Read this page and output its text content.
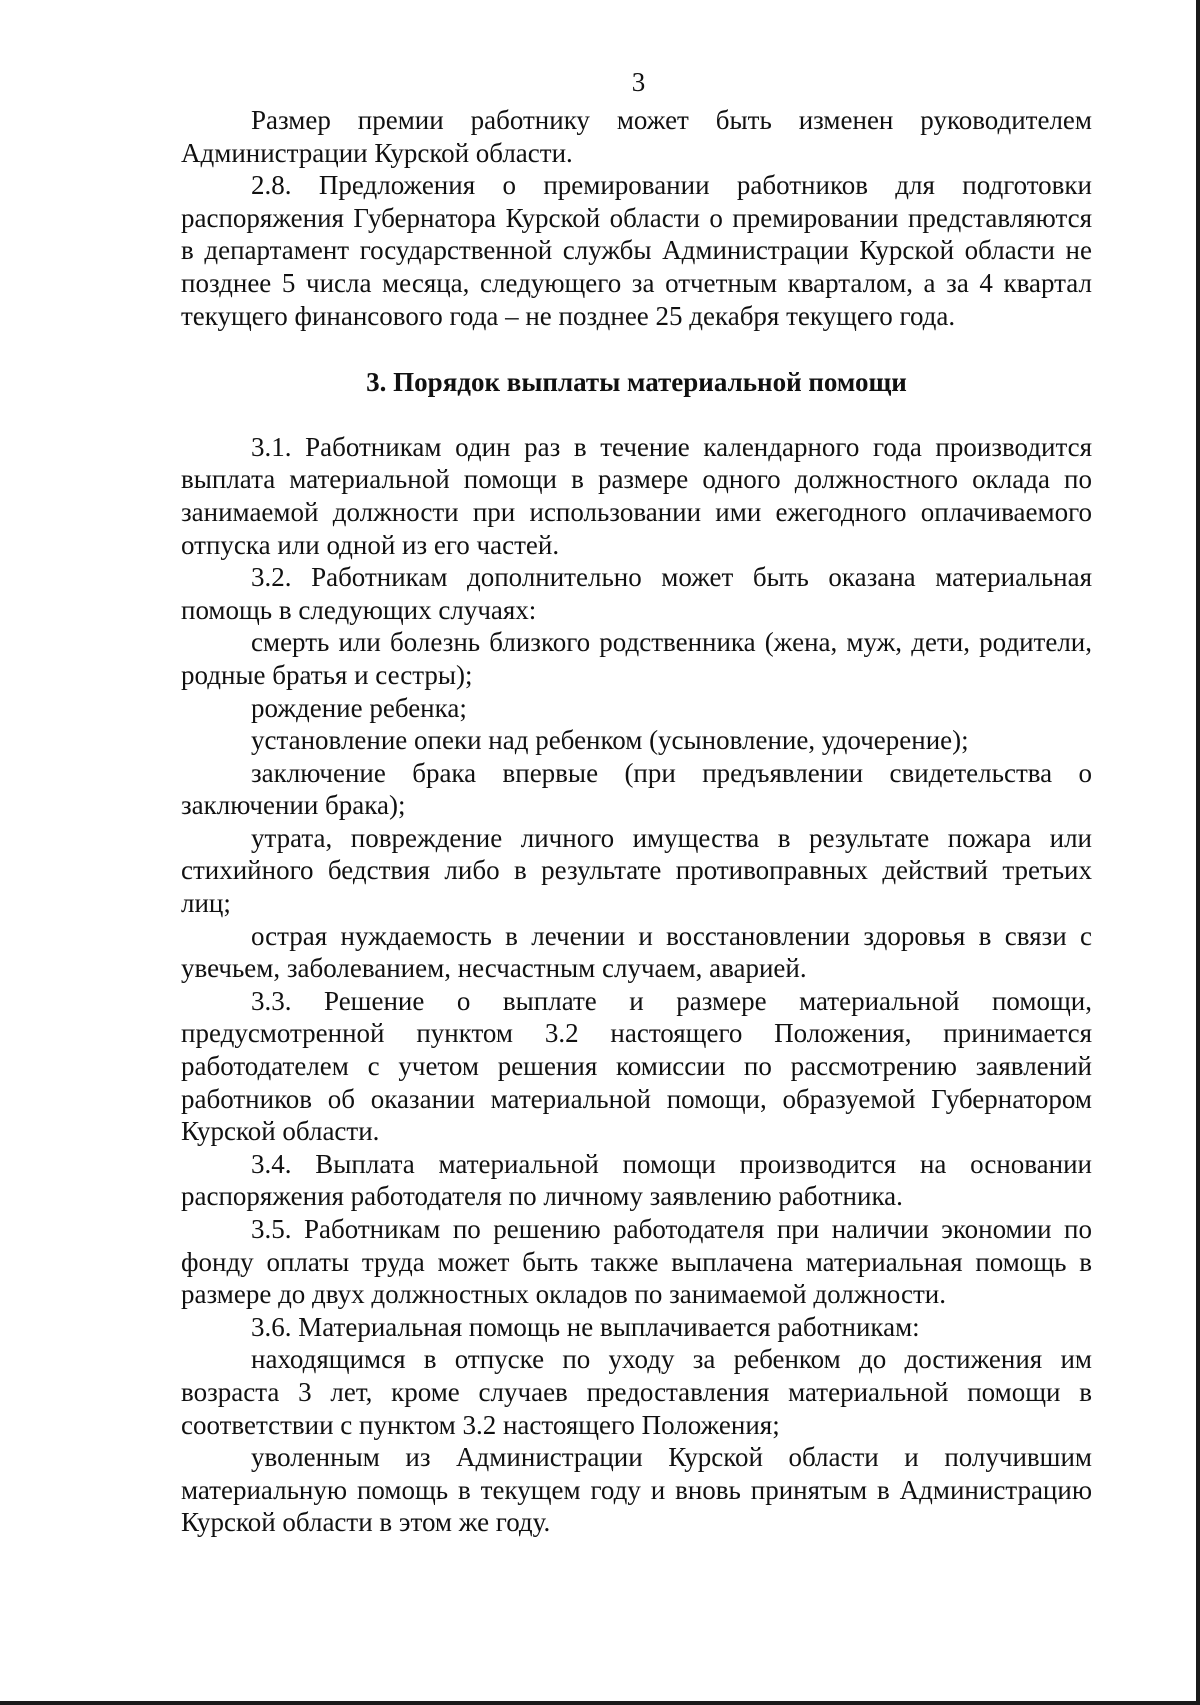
3

Размер премии работнику может быть изменен руководителем Администрации Курской области.

2.8. Предложения о премировании работников для подготовки распоряжения Губернатора Курской области о премировании представляются в департамент государственной службы Администрации Курской области не позднее 5 числа месяца, следующего за отчетным кварталом, а за 4 квартал текущего финансового года – не позднее 25 декабря текущего года.

3. Порядок выплаты материальной помощи

3.1. Работникам один раз в течение календарного года производится выплата материальной помощи в размере одного должностного оклада по занимаемой должности при использовании ими ежегодного оплачиваемого отпуска или одной из его частей.

3.2. Работникам дополнительно может быть оказана материальная помощь в следующих случаях:

смерть или болезнь близкого родственника (жена, муж, дети, родители, родные братья и сестры);

рождение ребенка;

установление опеки над ребенком (усыновление, удочерение);

заключение брака впервые (при предъявлении свидетельства о заключении брака);

утрата, повреждение личного имущества в результате пожара или стихийного бедствия либо в результате противоправных действий третьих лиц;

острая нуждаемость в лечении и восстановлении здоровья в связи с увечьем, заболеванием, несчастным случаем, аварией.

3.3. Решение о выплате и размере материальной помощи, предусмотренной пунктом 3.2 настоящего Положения, принимается работодателем с учетом решения комиссии по рассмотрению заявлений работников об оказании материальной помощи, образуемой Губернатором Курской области.

3.4. Выплата материальной помощи производится на основании распоряжения работодателя по личному заявлению работника.

3.5. Работникам по решению работодателя при наличии экономии по фонду оплаты труда может быть также выплачена материальная помощь в размере до двух должностных окладов по занимаемой должности.

3.6. Материальная помощь не выплачивается работникам:

находящимся в отпуске по уходу за ребенком до достижения им возраста 3 лет, кроме случаев предоставления материальной помощи в соответствии с пунктом 3.2 настоящего Положения;

уволенным из Администрации Курской области и получившим материальную помощь в текущем году и вновь принятым в Администрацию Курской области в этом же году.
